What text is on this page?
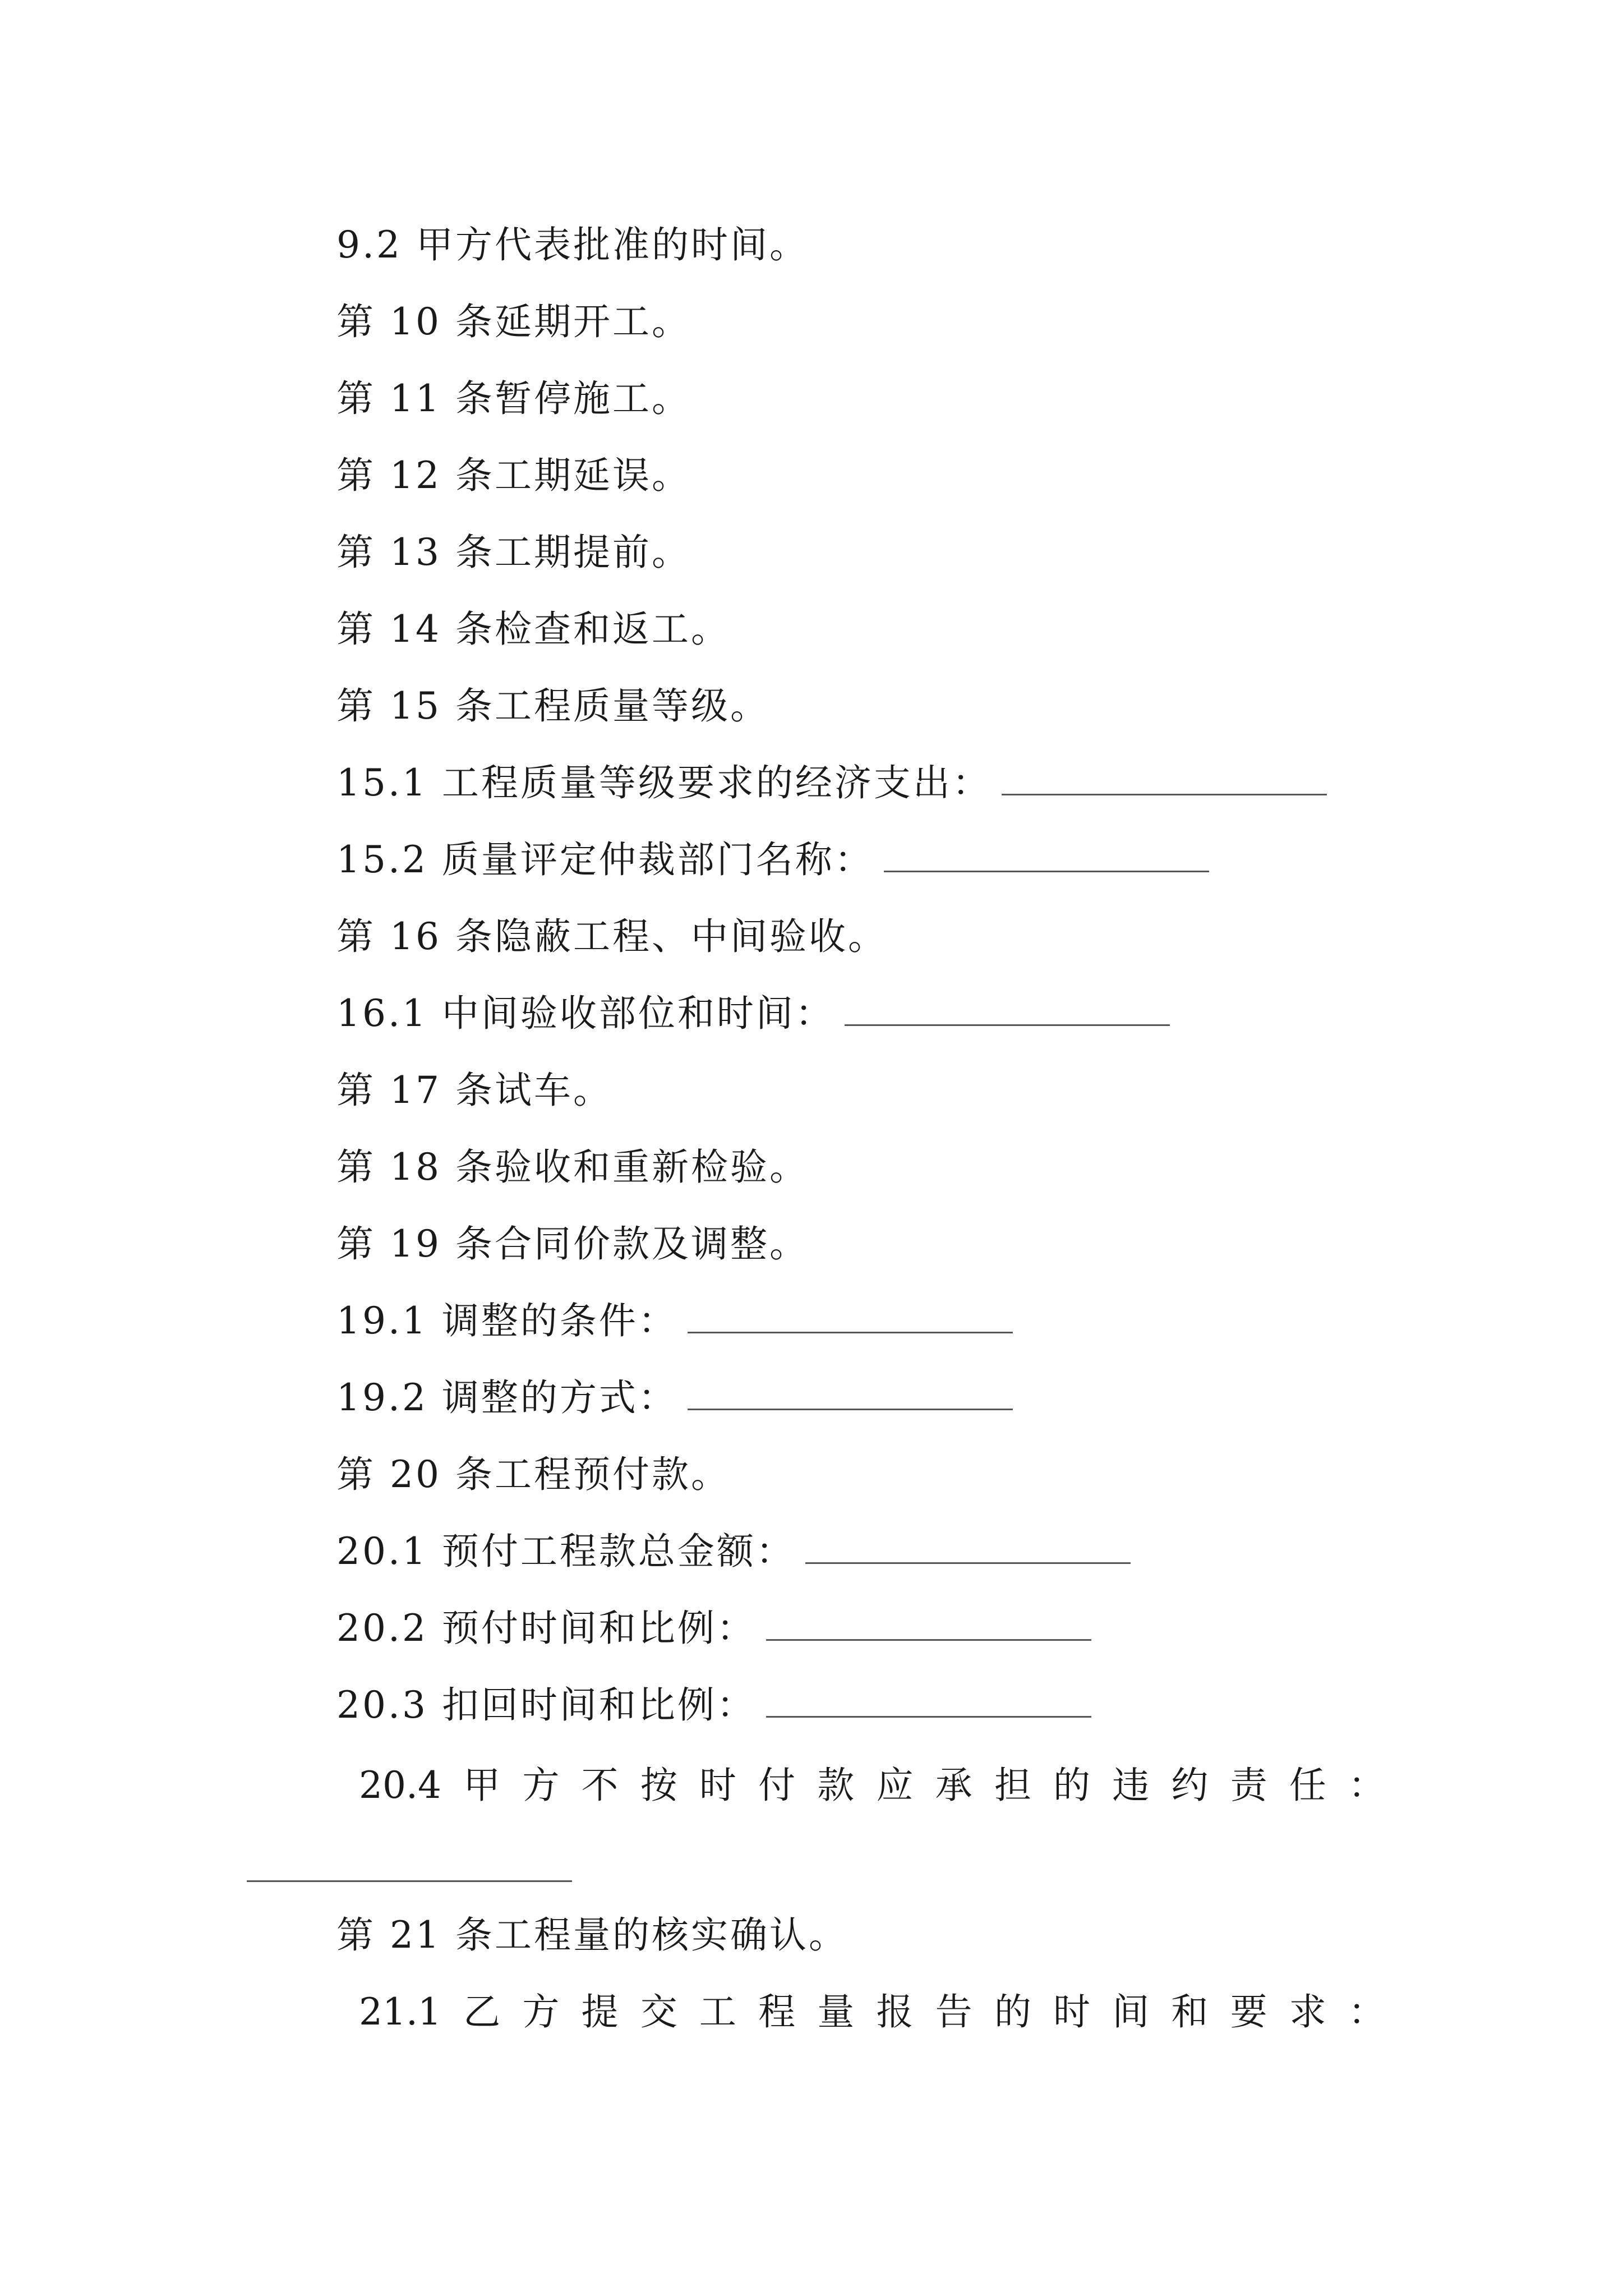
9.2 甲方代表批准的时间。
第 10 条延期开工。
第 11 条暂停施工。
第 12 条工期延误。
第 13 条工期提前。
第 14 条检查和返工。
第 15 条工程质量等级。
15.1 工程质量等级要求的经济支出：
15.2 质量评定仲裁部门名称：
第 16 条隐蔽工程、中间验收。
16.1 中间验收部位和时间：
第 17 条试车。
第 18 条验收和重新检验。
第 19 条合同价款及调整。
19.1 调整的条件：
19.2 调整的方式：
第 20 条工程预付款。
20.1 预付工程款总金额：
20.2 预付时间和比例：
20.3 扣回时间和比例：
20.4 甲 方 不 按 时 付 款 应 承 担 的 违 约 责 任 ：
第 21 条工程量的核实确认。
21.1 乙 方 提 交 工 程 量 报 告 的 时 间 和 要 求 ：
